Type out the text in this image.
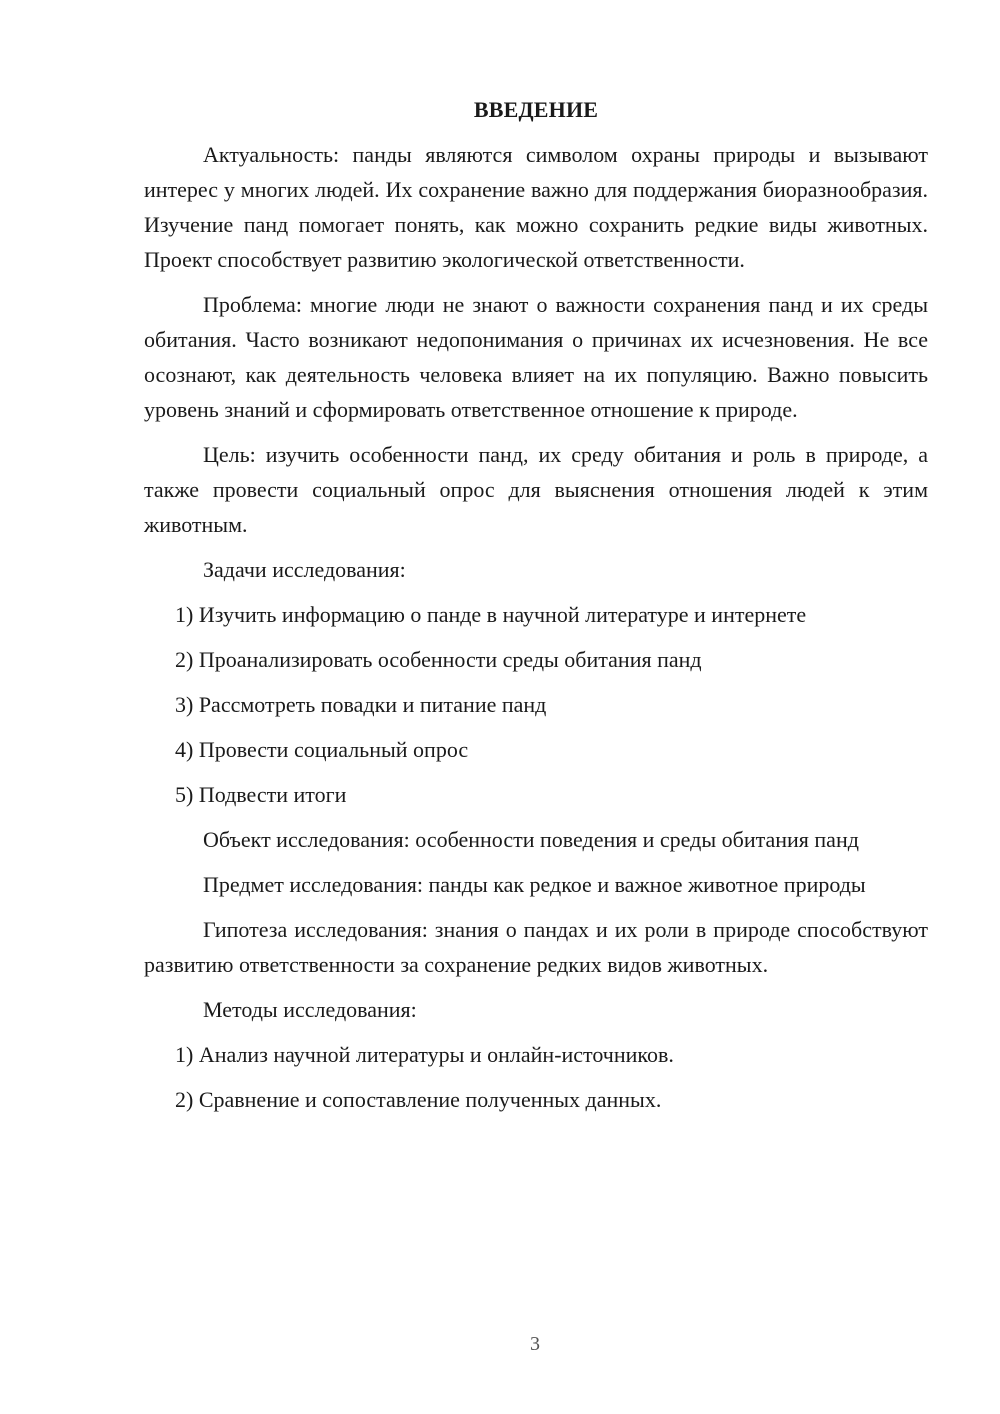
ВВЕДЕНИЕ

Актуальность: панды являются символом охраны природы и вызывают интерес у многих людей. Их сохранение важно для поддержания биоразнообразия. Изучение панд помогает понять, как можно сохранить редкие виды животных. Проект способствует развитию экологической ответственности.

Проблема: многие люди не знают о важности сохранения панд и их среды обитания. Часто возникают недопонимания о причинах их исчезновения. Не все осознают, как деятельность человека влияет на их популяцию. Важно повысить уровень знаний и сформировать ответственное отношение к природе.

Цель: изучить особенности панд, их среду обитания и роль в природе, а также провести социальный опрос для выяснения отношения людей к этим животным.

Задачи исследования:

1) Изучить информацию о панде в научной литературе и интернете
2) Проанализировать особенности среды обитания панд
3) Рассмотреть повадки и питание панд
4) Провести социальный опрос
5) Подвести итоги

Объект исследования: особенности поведения и среды обитания панд

Предмет исследования: панды как редкое и важное животное природы

Гипотеза исследования: знания о пандах и их роли в природе способствуют развитию ответственности за сохранение редких видов животных.

Методы исследования:

1) Анализ научной литературы и онлайн-источников.
2) Сравнение и сопоставление полученных данных.
3
